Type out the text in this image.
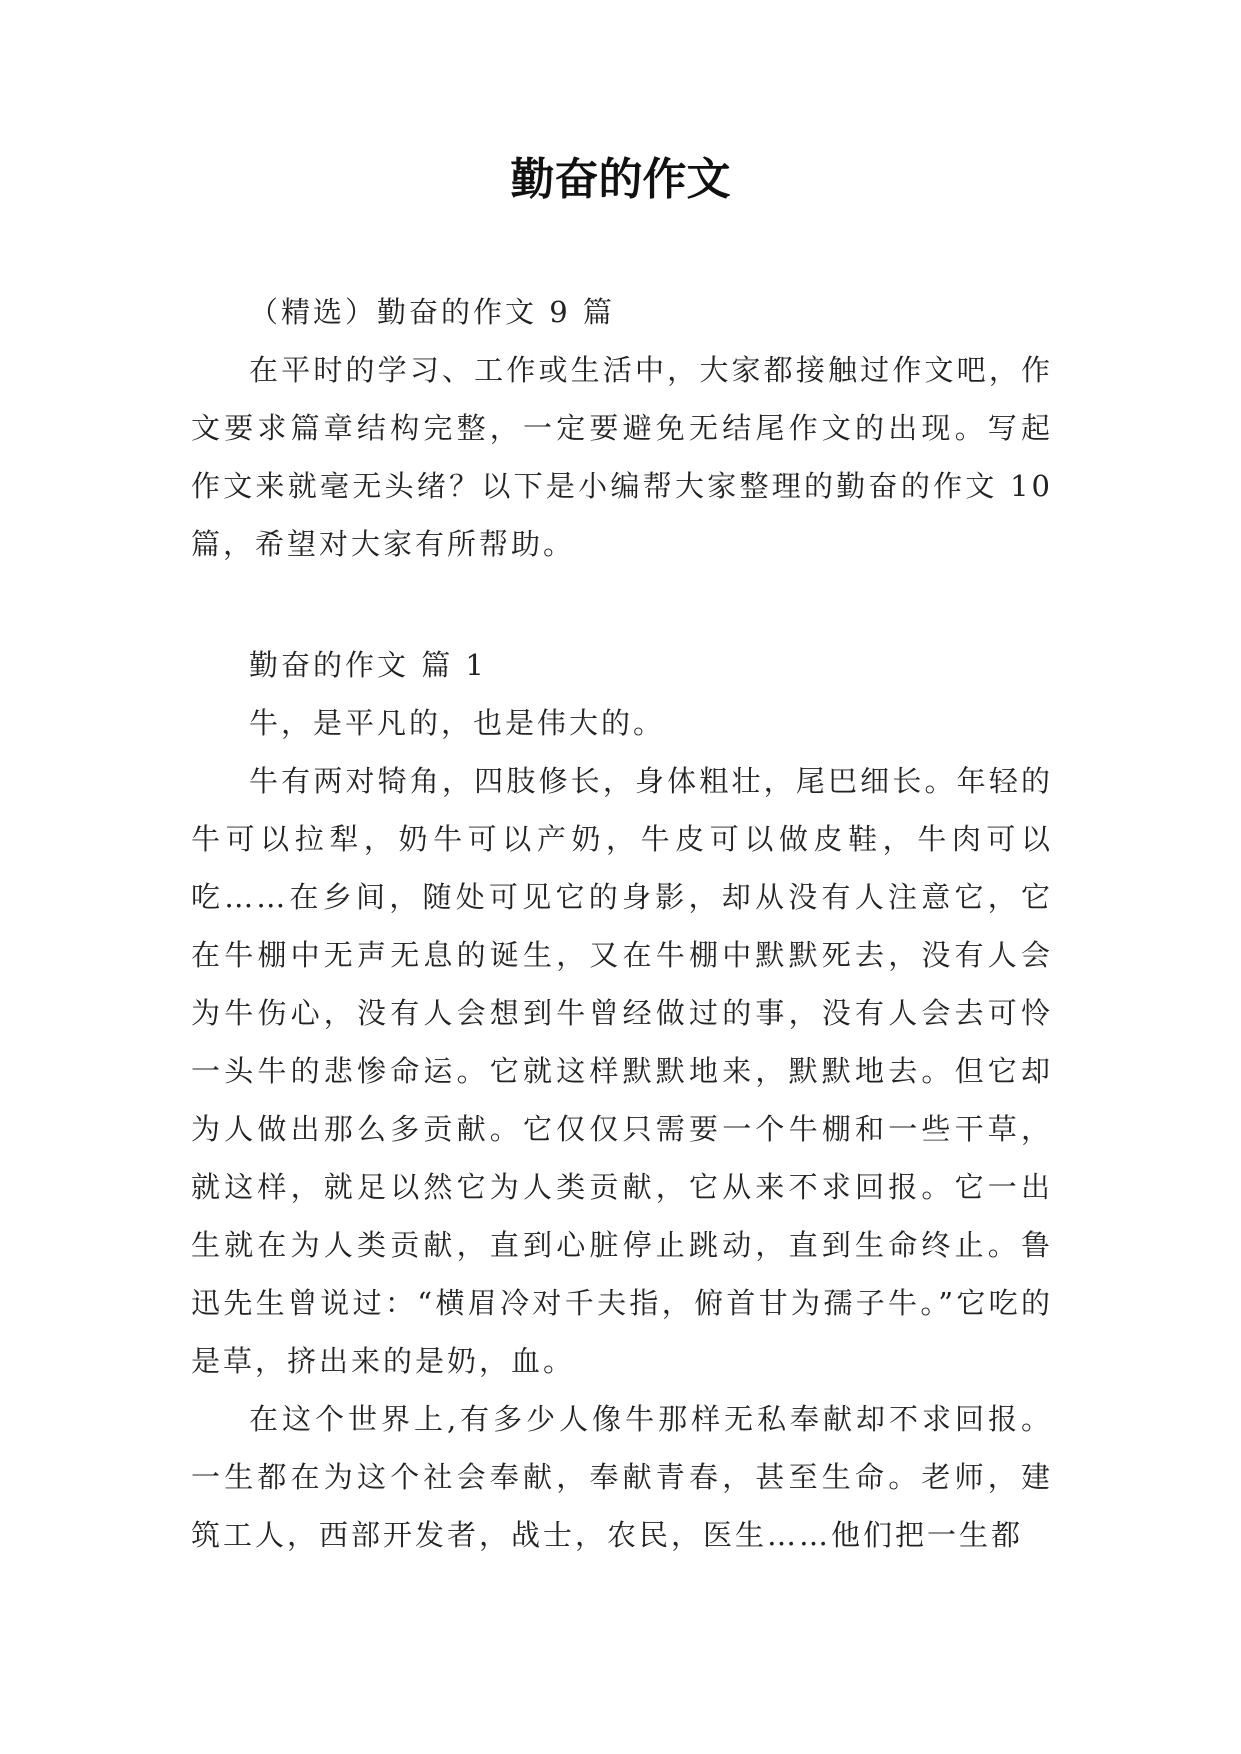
勤奋的作文

（精选）勤奋的作文 9 篇

在平时的学习、工作或生活中，大家都接触过作文吧，作文要求篇章结构完整，一定要避免无结尾作文的出现。写起作文来就毫无头绪？以下是小编帮大家整理的勤奋的作文 10 篇，希望对大家有所帮助。

勤奋的作文 篇 1

牛，是平凡的，也是伟大的。

牛有两对犄角，四肢修长，身体粗壮，尾巴细长。年轻的牛可以拉犁，奶牛可以产奶，牛皮可以做皮鞋，牛肉可以吃……在乡间，随处可见它的身影，却从没有人注意它，它在牛棚中无声无息的诞生，又在牛棚中默默死去，没有人会为牛伤心，没有人会想到牛曾经做过的事，没有人会去可怜一头牛的悲惨命运。它就这样默默地来，默默地去。但它却为人做出那么多贡献。它仅仅只需要一个牛棚和一些干草，就这样，就足以然它为人类贡献，它从来不求回报。它一出生就在为人类贡献，直到心脏停止跳动，直到生命终止。鲁迅先生曾说过：“横眉冷对千夫指，俯首甘为孺子牛。”它吃的是草，挤出来的是奶，血。

在这个世界上,有多少人像牛那样无私奉献却不求回报。一生都在为这个社会奉献，奉献青春，甚至生命。老师，建筑工人，西部开发者，战士，农民，医生……他们把一生都
